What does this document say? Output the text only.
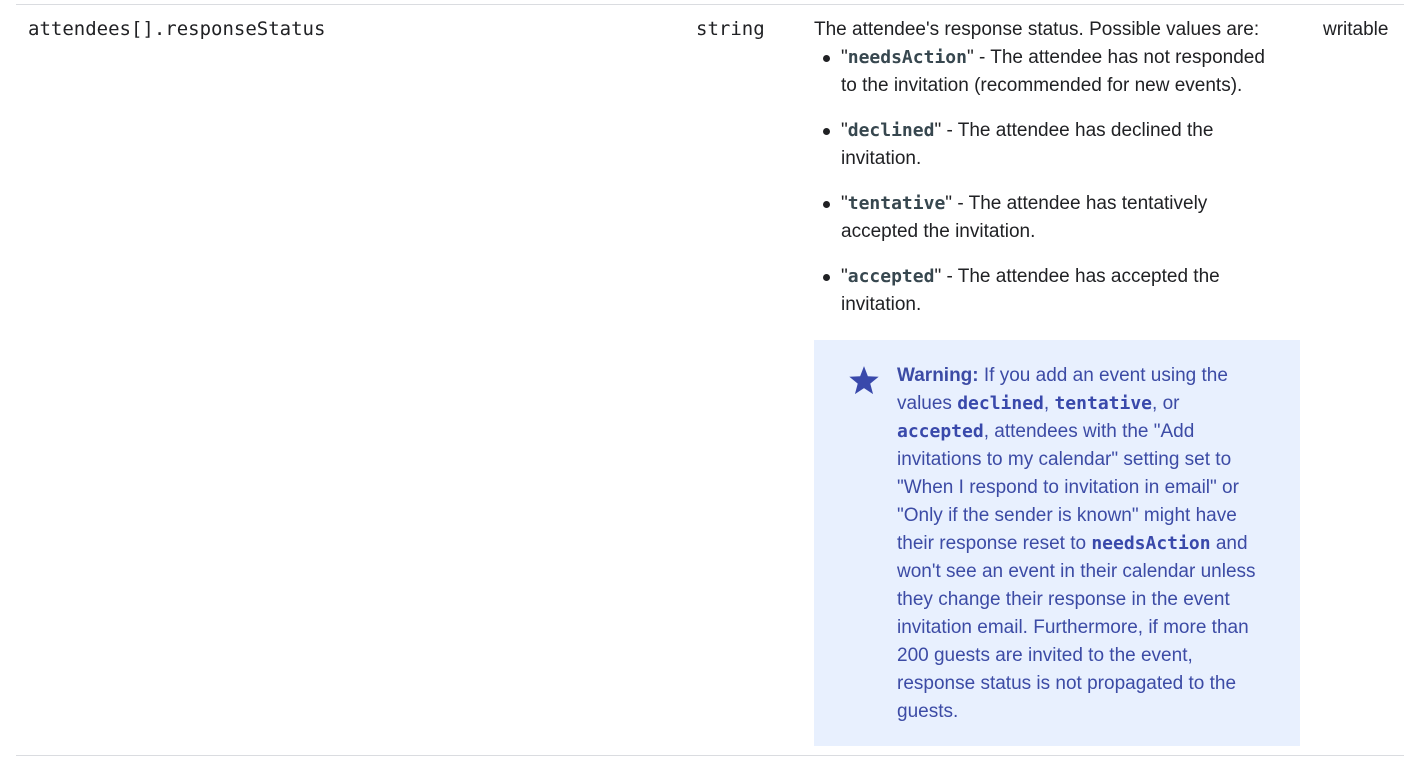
attendees[].responseStatus	string	The attendee's response status. Possible values are:
"needsAction" - The attendee has not responded to the invitation (recommended for new events).
"declined" - The attendee has declined the invitation.
"tentative" - The attendee has tentatively accepted the invitation.
"accepted" - The attendee has accepted the invitation.
writable
Warning: If you add an event using the values declined, tentative, or accepted, attendees with the "Add invitations to my calendar" setting set to "When I respond to invitation in email" or "Only if the sender is known" might have their response reset to needsAction and won't see an event in their calendar unless they change their response in the event invitation email. Furthermore, if more than 200 guests are invited to the event, response status is not propagated to the guests.
